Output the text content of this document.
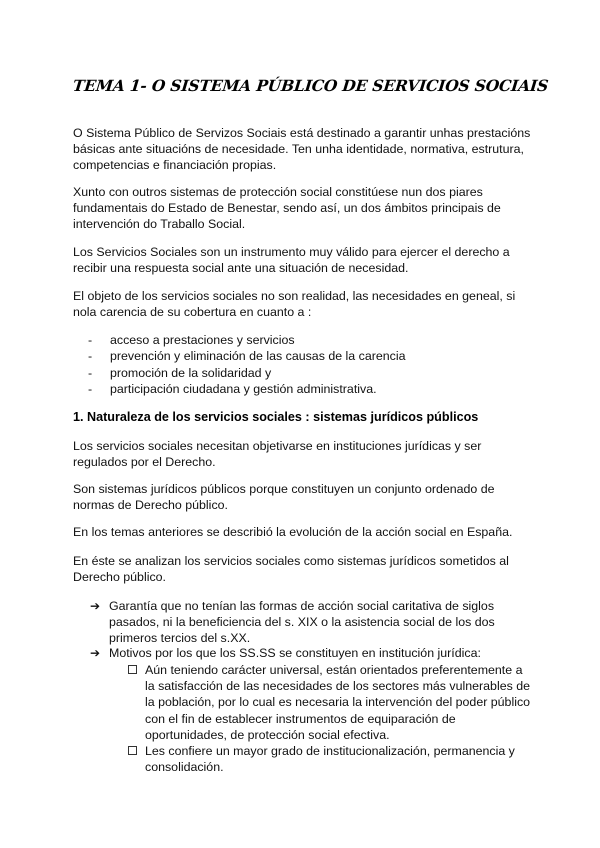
TEMA 1- O SISTEMA PÚBLICO DE SERVICIOS SOCIAIS
O Sistema Público de Servizos Sociais está destinado a garantir unhas prestacións básicas ante situacións de necesidade. Ten unha identidade, normativa, estrutura, competencias e financiación propias.
Xunto con outros sistemas de protección social constitúese nun dos piares fundamentais do Estado de Benestar, sendo así, un dos ámbitos principais de intervención do Traballo Social.
Los Servicios Sociales son un instrumento muy válido para ejercer el derecho a recibir una respuesta social ante una situación de necesidad.
El objeto de los servicios sociales no son realidad, las necesidades en geneal, si nola carencia de su cobertura en cuanto a :
- acceso a prestaciones y servicios
- prevención y eliminación de las causas de la carencia
- promoción de la solidaridad y
- participación ciudadana y gestión administrativa.
1. Naturaleza de los servicios sociales : sistemas jurídicos públicos
Los servicios sociales necesitan objetivarse en instituciones jurídicas y ser regulados por el Derecho.
Son sistemas jurídicos públicos porque constituyen un conjunto ordenado de normas de Derecho público.
En los temas anteriores se describió la evolución de la acción social en España.
En éste se analizan los servicios sociales como sistemas jurídicos sometidos al Derecho público.
➔ Garantía que no tenían las formas de acción social caritativa de siglos pasados, ni la beneficiencia del s. XIX o la asistencia social de los dos primeros tercios del s.XX.
➔ Motivos por los que los SS.SS se constituyen en institución jurídica:
Aún teniendo carácter universal, están orientados preferentemente a la satisfacción de las necesidades de los sectores más vulnerables de la población, por lo cual es necesaria la intervención del poder público con el fin de establecer instrumentos de equiparación de oportunidades, de protección social efectiva.
Les confiere un mayor grado de institucionalización, permanencia y consolidación.
